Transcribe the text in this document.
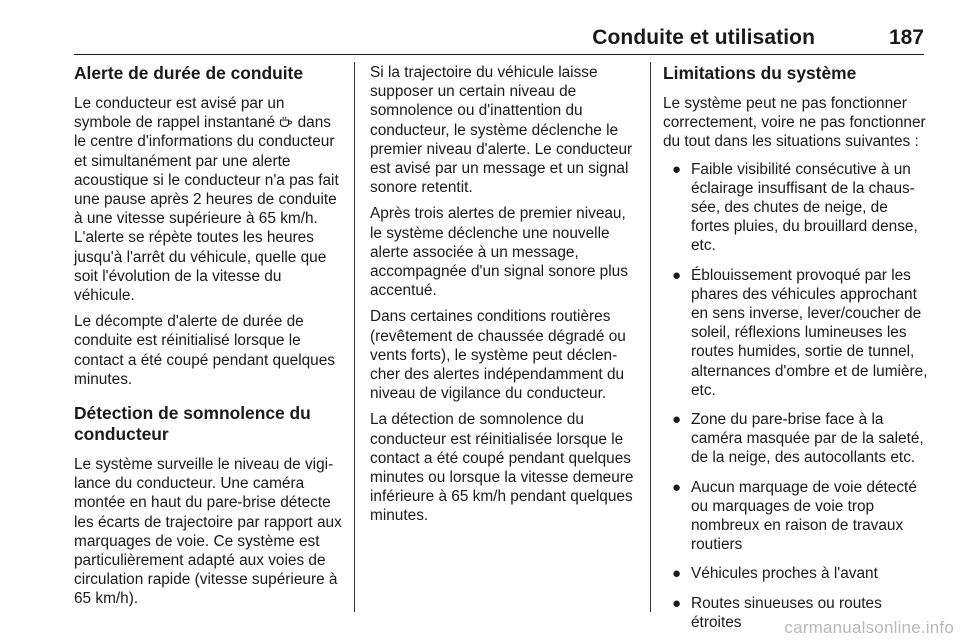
Conduite et utilisation	187
Alerte de durée de conduite

Le conducteur est avisé par un symbole de rappel instantané  dans le centre d'informations du conducteur et simultanément par une alerte acoustique si le conducteur n'a pas fait une pause après 2 heures de conduite à une vitesse supérieure à 65 km/h. L'alerte se répète toutes les heures jusqu'à l'arrêt du véhicule, quelle que soit l'évolution de la vitesse du véhicule.

Le décompte d'alerte de durée de conduite est réinitialisé lorsque le contact a été coupé pendant quelques minutes.

Détection de somnolence du conducteur

Le système surveille le niveau de vigilance du conducteur. Une caméra montée en haut du pare-brise détecte les écarts de trajectoire par rapport aux marquages de voie. Ce système est particulièrement adapté aux voies de circulation rapide (vitesse supérieure à 65 km/h).

Si la trajectoire du véhicule laisse supposer un certain niveau de somnolence ou d'inattention du conducteur, le système déclenche le premier niveau d'alerte. Le conducteur est avisé par un message et un signal sonore retentit.

Après trois alertes de premier niveau, le système déclenche une nouvelle alerte associée à un message, accompagnée d'un signal sonore plus accentué.

Dans certaines conditions routières (revêtement de chaussée dégradé ou vents forts), le système peut déclencher des alertes indépendamment du niveau de vigilance du conducteur.

La détection de somnolence du conducteur est réinitialisée lorsque le contact a été coupé pendant quelques minutes ou lorsque la vitesse demeure inférieure à 65 km/h pendant quelques minutes.

Limitations du système

Le système peut ne pas fonctionner correctement, voire ne pas fonctionner du tout dans les situations suivantes :

● Faible visibilité consécutive à un éclairage insuffisant de la chaussée, des chutes de neige, de fortes pluies, du brouillard dense, etc.
● Éblouissement provoqué par les phares des véhicules approchant en sens inverse, lever/coucher de soleil, réflexions lumineuses les routes humides, sortie de tunnel, alternances d'ombre et de lumière, etc.
● Zone du pare-brise face à la caméra masquée par de la saleté, de la neige, des autocollants etc.
● Aucun marquage de voie détecté ou marquages de voie trop nombreux en raison de travaux routiers
● Véhicules proches à l'avant
● Routes sinueuses ou routes étroites	carmanualsonline.info
